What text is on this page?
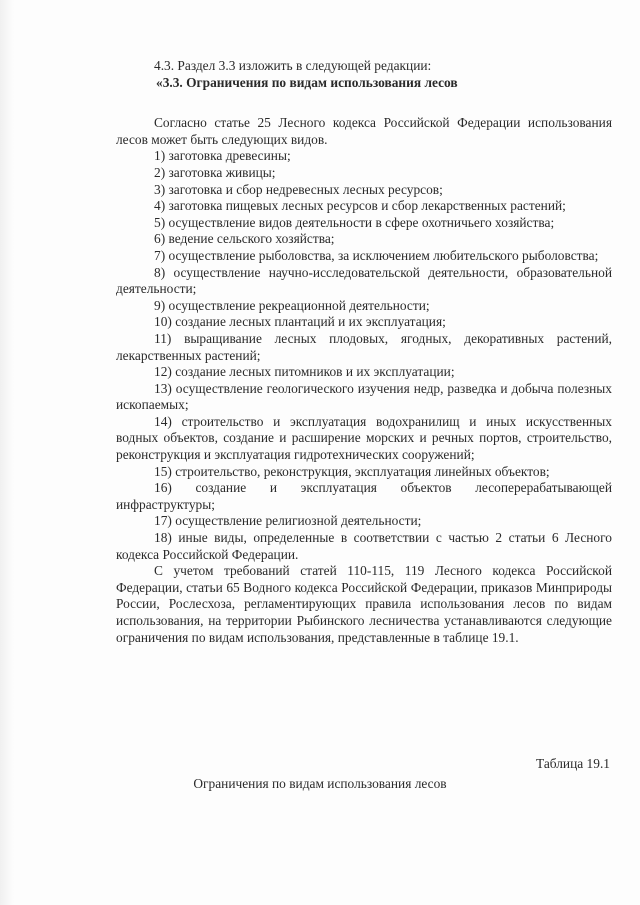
4.3. Раздел 3.3 изложить в следующей редакции:
«3.3. Ограничения по видам использования лесов

Согласно статье 25 Лесного кодекса Российской Федерации использования лесов может быть следующих видов.

1) заготовка древесины;

2) заготовка живицы;

3) заготовка и сбор недревесных лесных ресурсов;

4) заготовка пищевых лесных ресурсов и сбор лекарственных растений;

5) осуществление видов деятельности в сфере охотничьего хозяйства;

6) ведение сельского хозяйства;

7) осуществление рыболовства, за исключением любительского рыболовства;

8) осуществление научно-исследовательской деятельности, образовательной деятельности;

9) осуществление рекреационной деятельности;

10) создание лесных плантаций и их эксплуатация;

11) выращивание лесных плодовых, ягодных, декоративных растений, лекарственных растений;

12) создание лесных питомников и их эксплуатации;

13) осуществление геологического изучения недр, разведка и добыча полезных ископаемых;

14) строительство и эксплуатация водохранилищ и иных искусственных водных объектов, создание и расширение морских и речных портов, строительство, реконструкция и эксплуатация гидротехнических сооружений;

15) строительство, реконструкция, эксплуатация линейных объектов;

16) создание и эксплуатация объектов лесоперерабатывающей инфраструктуры;

17) осуществление религиозной деятельности;

18) иные виды, определенные в соответствии с частью 2 статьи 6 Лесного кодекса Российской Федерации.

С учетом требований статей 110-115, 119 Лесного кодекса Российской Федерации, статьи 65 Водного кодекса Российской Федерации, приказов Минприроды России, Рослесхоза, регламентирующих правила использования лесов по видам использования, на территории Рыбинского лесничества устанавливаются следующие ограничения по видам использования, представленные в таблице 19.1.

Таблица 19.1
Ограничения по видам использования лесов
